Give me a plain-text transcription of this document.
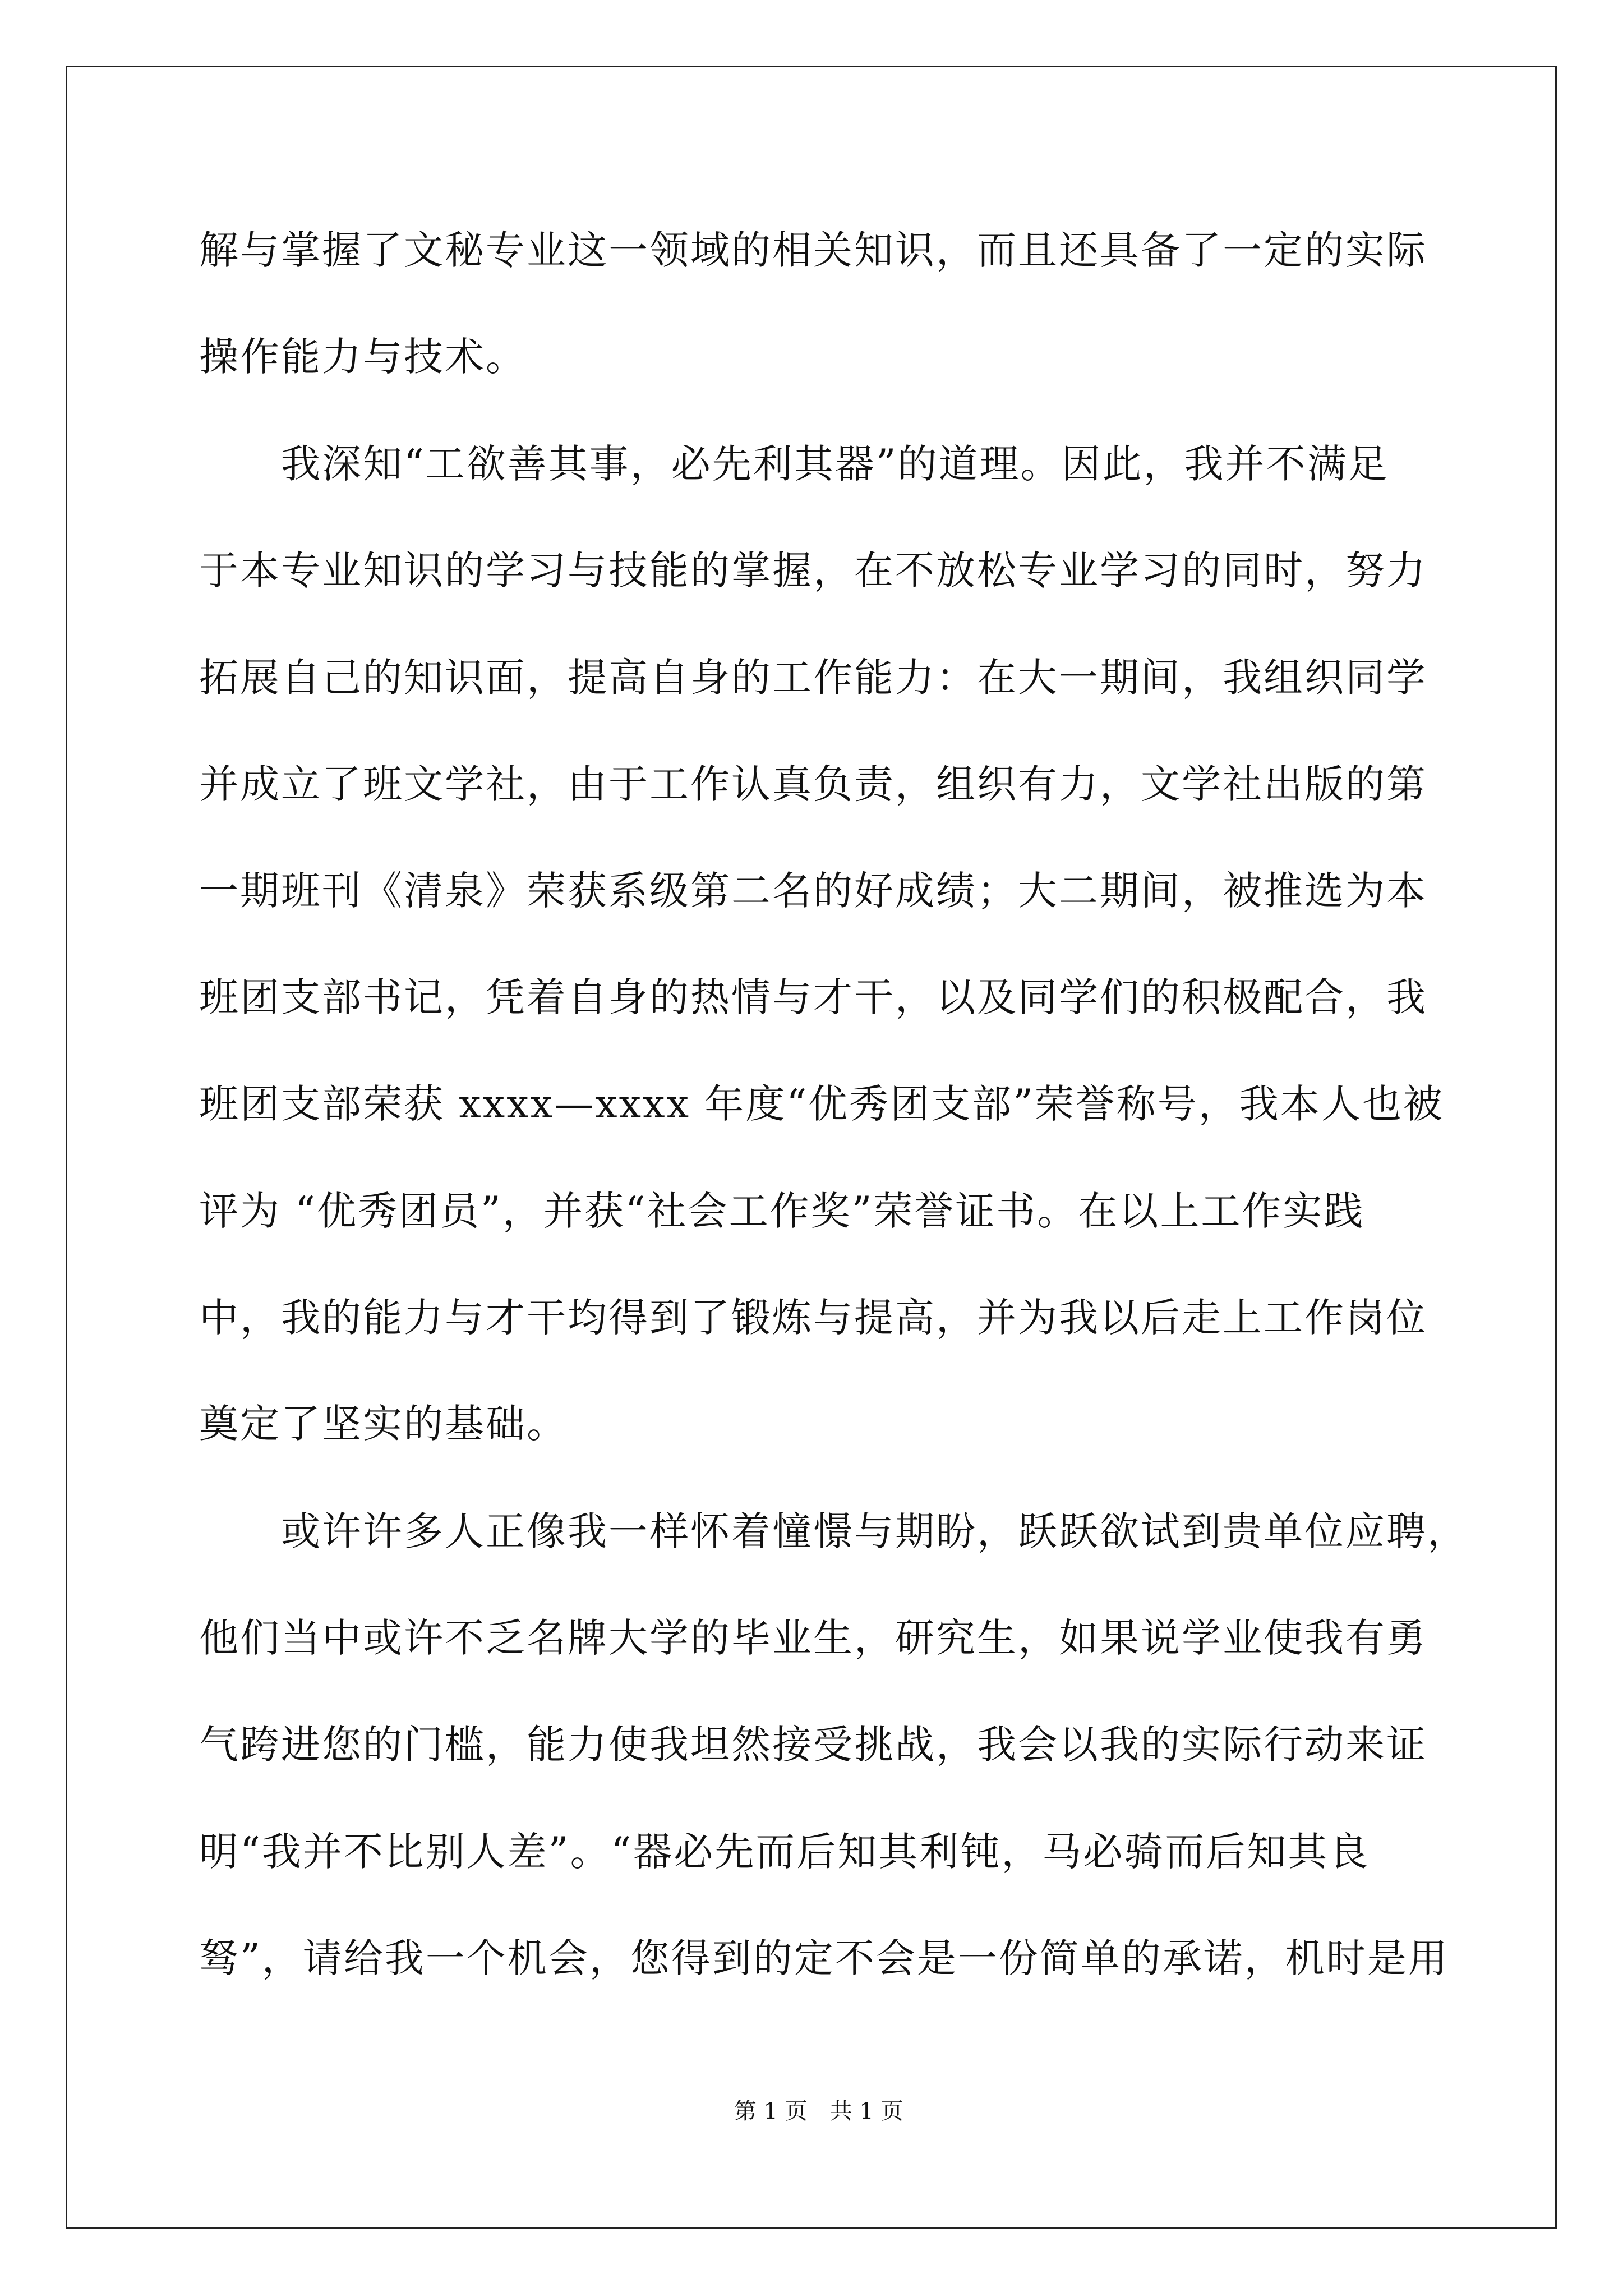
解与掌握了文秘专业这一领域的相关知识，而且还具备了一定的实际

操作能力与技术。

　　我深知“工欲善其事，必先利其器”的道理。因此，我并不满足

于本专业知识的学习与技能的掌握，在不放松专业学习的同时，努力

拓展自己的知识面，提高自身的工作能力：在大一期间，我组织同学

并成立了班文学社，由于工作认真负责，组织有力，文学社出版的第

一期班刊《清泉》荣获系级第二名的好成绩；大二期间，被推选为本

班团支部书记，凭着自身的热情与才干，以及同学们的积极配合，我

班团支部荣获 xxxx—xxxx 年度“优秀团支部”荣誉称号，我本人也被

评为 “优秀团员”，并获“社会工作奖”荣誉证书。在以上工作实践

中，我的能力与才干均得到了锻炼与提高，并为我以后走上工作岗位

奠定了坚实的基础。

　　或许许多人正像我一样怀着憧憬与期盼，跃跃欲试到贵单位应聘，

他们当中或许不乏名牌大学的毕业生，研究生，如果说学业使我有勇

气跨进您的门槛，能力使我坦然接受挑战，我会以我的实际行动来证

明“我并不比别人差”。“器必先而后知其利钝，马必骑而后知其良

驽”，请给我一个机会，您得到的定不会是一份简单的承诺，机时是用

第 1 页　共 1 页
